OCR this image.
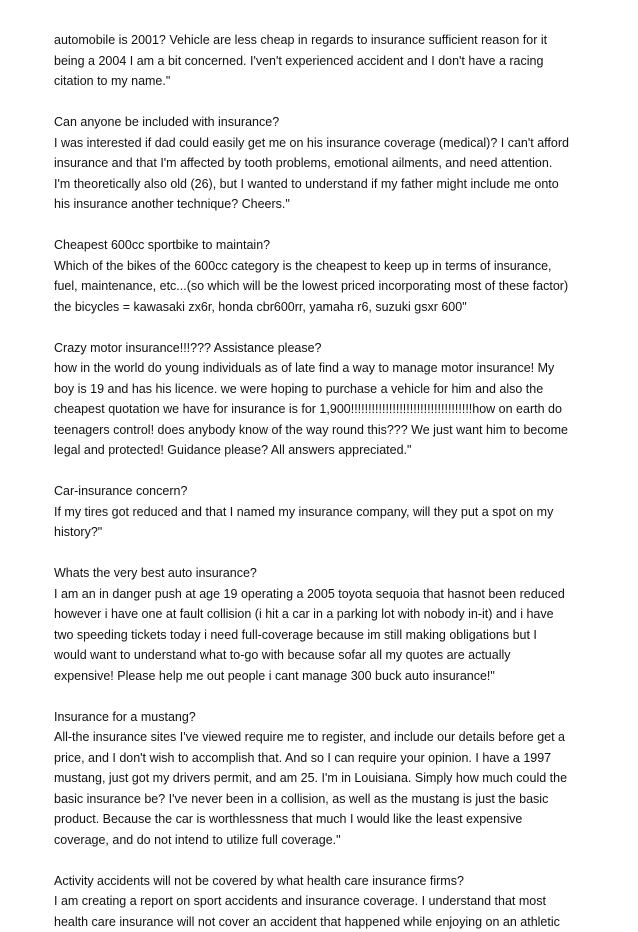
automobile is 2001? Vehicle are less cheap in regards to insurance sufficient reason for it
being a 2004 I am a bit concerned. I'ven't experienced accident and I don't have a racing
citation to my name."
Can anyone be included with insurance?
I was interested if dad could easily get me on his insurance coverage (medical)? I can't afford
insurance and that I'm affected by tooth problems, emotional ailments, and need attention.
I'm theoretically also old (26), but I wanted to understand if my father might include me onto
his insurance another technique? Cheers."
Cheapest 600cc sportbike to maintain?
Which of the bikes of the 600cc category is the cheapest to keep up in terms of insurance,
fuel, maintenance, etc...(so which will be the lowest priced incorporating most of these factor)
the bicycles = kawasaki zx6r, honda cbr600rr, yamaha r6, suzuki gsxr 600"
Crazy motor insurance!!!??? Assistance please?
how in the world do young individuals as of late find a way to manage motor insurance! My
boy is 19 and has his licence. we were hoping to purchase a vehicle for him and also the
cheapest quotation we have for insurance is for 1,900!!!!!!!!!!!!!!!!!!!!!!!!!!!!!!!!!!!how on earth do
teenagers control! does anybody know of the way round this??? We just want him to become
legal and protected! Guidance please? All answers appreciated."
Car-insurance concern?
If my tires got reduced and that I named my insurance company, will they put a spot on my
history?"
Whats the very best auto insurance?
I am an in danger push at age 19 operating a 2005 toyota sequoia that hasnot been reduced
however i have one at fault collision (i hit a car in a parking lot with nobody in-it) and i have
two speeding tickets today i need full-coverage because im still making obligations but I
would want to understand what to-go with because sofar all my quotes are actually
expensive! Please help me out people i cant manage 300 buck auto insurance!"
Insurance for a mustang?
All-the insurance sites I've viewed require me to register, and include our details before get a
price, and I don't wish to accomplish that. And so I can require your opinion. I have a 1997
mustang, just got my drivers permit, and am 25. I'm in Louisiana. Simply how much could the
basic insurance be? I've never been in a collision, as well as the mustang is just the basic
product. Because the car is worthlessness that much I would like the least expensive
coverage, and do not intend to utilize full coverage."
Activity accidents will not be covered by what health care insurance firms?
I am creating a report on sport accidents and insurance coverage. I understand that most
health care insurance will not cover an accident that happened while enjoying on an athletic
